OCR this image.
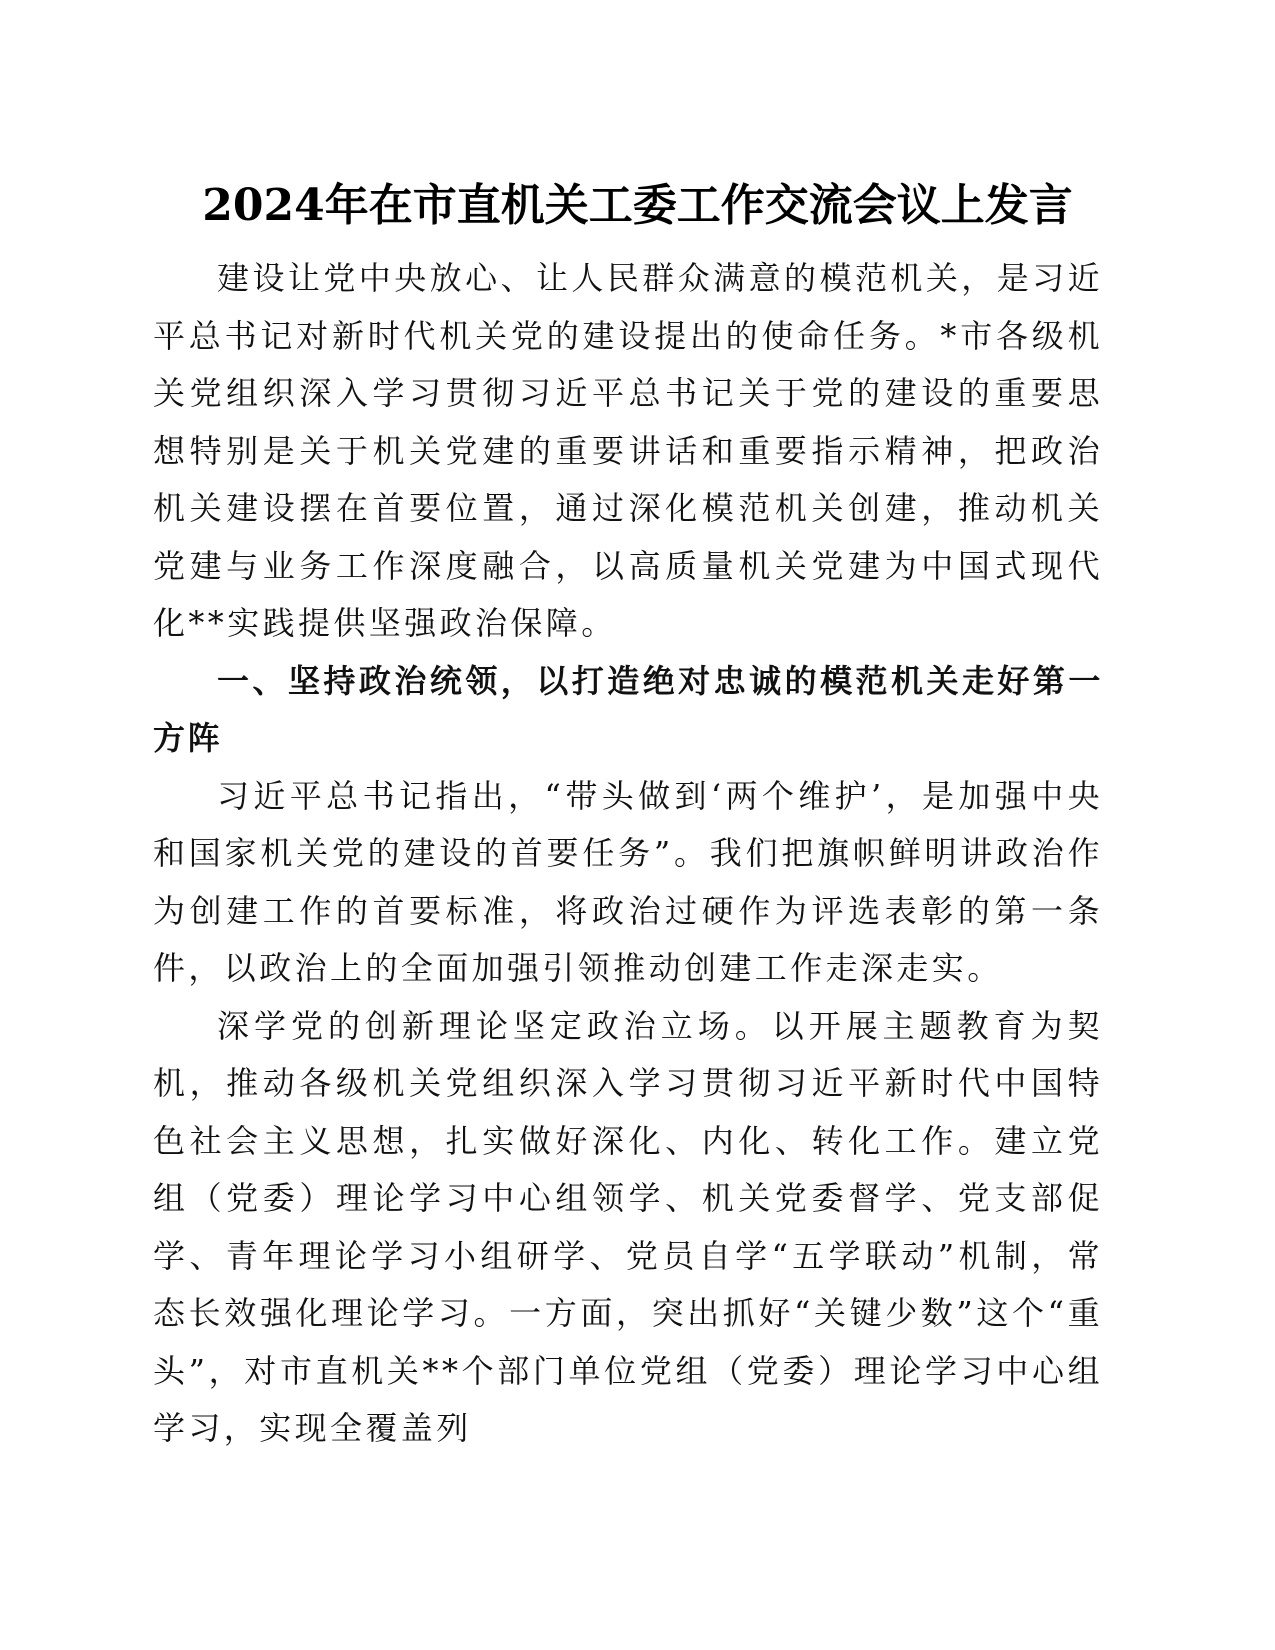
2024年在市直机关工委工作交流会议上发言

建设让党中央放心、让人民群众满意的模范机关，是习近平总书记对新时代机关党的建设提出的使命任务。*市各级机关党组织深入学习贯彻习近平总书记关于党的建设的重要思想特别是关于机关党建的重要讲话和重要指示精神，把政治机关建设摆在首要位置，通过深化模范机关创建，推动机关党建与业务工作深度融合，以高质量机关党建为中国式现代化**实践提供坚强政治保障。

一、坚持政治统领，以打造绝对忠诚的模范机关走好第一方阵

习近平总书记指出，“带头做到‘两个维护’，是加强中央和国家机关党的建设的首要任务”。我们把旗帜鲜明讲政治作为创建工作的首要标准，将政治过硬作为评选表彰的第一条件，以政治上的全面加强引领推动创建工作走深走实。

深学党的创新理论坚定政治立场。以开展主题教育为契机，推动各级机关党组织深入学习贯彻习近平新时代中国特色社会主义思想，扎实做好深化、内化、转化工作。建立党组（党委）理论学习中心组领学、机关党委督学、党支部促学、青年理论学习小组研学、党员自学“五学联动”机制，常态长效强化理论学习。一方面，突出抓好“关键少数”这个“重头”，对市直机关**个部门单位党组（党委）理论学习中心组学习，实现全覆盖列
